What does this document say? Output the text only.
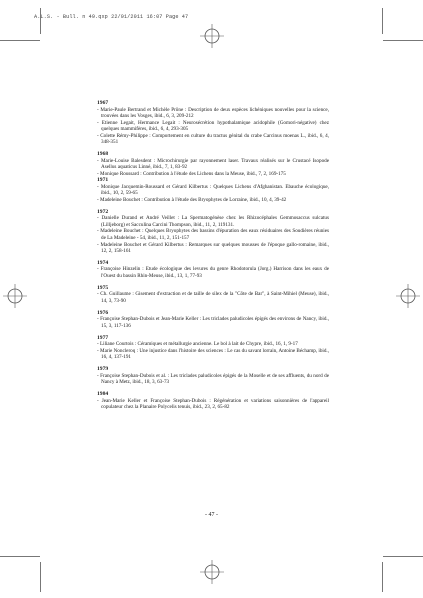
A.L.S. - Bull. n 49.qxp 22/01/2011 16:07 Page 47
1967
- Marie-Paule Bertrand et Michèle Prône : Description de deux espèces lichéniques nouvelles pour la science, trouvées dans les Vosges, ibid., 6, 3, 209-212
- Etienne Legait, Hermance Legait : Neurosécrétion hypothalamique acidophile (Gomori-négative) chez quelques mammifères, ibid., 6, 4, 293-305
- Colette Rémy-Philippe : Comportement en culture du tractus génital du crabe Carcinus moenas L., ibid., 6, 4, 348-351
1968
- Marie-Louise Balesdent : Microchirurgie par rayonnement laser. Travaux réalisés sur le Crustacé Isopode Asellus aquaticus Linné, ibid., 7, 1, 83-92
- Monique Roussard : Contribution à l'étude des Lichens dans la Meuse, ibid., 7, 2, 169-175
1971
- Monique Jacquemin-Roussard et Gérard Kilbertus : Quelques Lichens d'Afghanistan. Ebauche écologique, ibid., 10, 2, 59-65
- Madeleine Bouchet : Contribution à l'étude des Bryophytes de Lorraine, ibid., 10, 4, 39-42
1972
- Danielle Durand et André Veillet : La Spermatogénèse chez les Rhizocéphales Gemmosaccus sulcatus (Lilljeborg) et Sacculina Carcini Thompson, ibid., 11, 2, 119131.
- Madeleine Bouchet : Quelques Bryophytes des bassins d'épuration des eaux résiduaires des Soudières réunies de La Madeleine - 54, ibid., 11, 2, 151-157
- Madeleine Bouchet et Gérard Kilbertus : Remarques sur quelques mousses de l'époque gallo-romaine, ibid., 12, 2, 158-161
1974
- Françoise Hinzelin : Etude écologique des levures du genre Rhodotorula (Jorg.) Harrison dans les eaux de l'Ouest du bassin Rhin-Meuse, ibid., 13, 1, 77-93
1975
- Ch. Guillaume : Gisement d'extraction et de taille de silex de la "Côte de Bar", à Saint-Mihiel (Meuse), ibid., 14, 3, 73-90
1976
- Françoise Stephan-Dubois et Jean-Marie Keller : Les triclades paludicoles épigés des environs de Nancy, ibid., 15, 3, 117-136
1977
- Liliane Courtois : Céramiques et métallurgie ancienne. Le bol à lait de Chypre, ibid., 16, 1, 9-17
- Marie Noncleroq : Une injustice dans l'histoire des sciences : Le cas du savant lorrain, Antoine Béchamp, ibid., 16, 4, 137-191
1979
- Françoise Stephan-Dubois et al. : Les triclades paludicoles épigés de la Moselle et de ses affluents, du nord de Nancy à Metz, ibid., 18, 3, 63-73
1984
- Jean-Marie Keller et Françoise Stephan-Dubois : Régénération et variations saisonnières de l'appareil copulateur chez la Planaire Polycelis tenuis, ibid., 23, 2, 65-82
- 47 -
